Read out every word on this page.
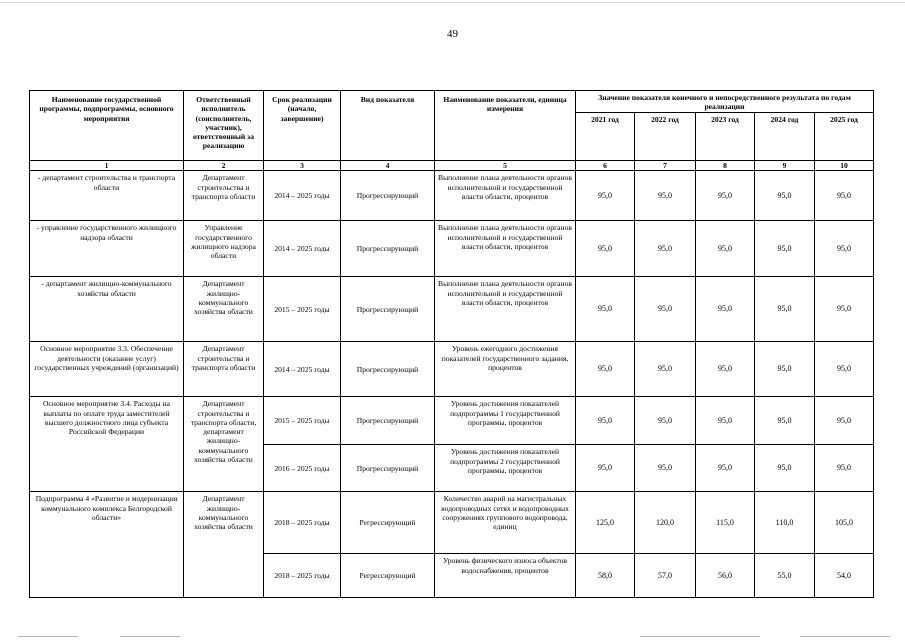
49
Наименование государственной программы, подпрограммы, основного мероприятия	Ответственный исполнитель (соисполнитель, участник), ответственный за реализацию	Срок реализации (начало, завершение)	Вид показателя	Наименование показатели, единица измерения	Значение показателя конечного и непосредственного результата по годам реализации				
					2021 год	2022 год	2023 год	2024 год	2025 год
1	2	3	4	5	6	7	8	9	10
- департамент строительства и транспорта области	Департамент строительства и транспорта области	2014 – 2025 годы	Прогрессирующий	Выполнение плана деятельности органов исполнительной и государственной власти области, процентов	95,0	95,0	95,0	95,0	95,0
- управление государственного жилищного надзора области	Управление государственного жилищного надзора области	2014 – 2025 годы	Прогрессирующий	Выполнение плана деятельности органов исполнительной и государственной власти области, процентов	95,0	95,0	95,0	95,0	95,0
- департамент жилищно-коммунального хозяйства области	Департамент жилищно-коммунального хозяйства области	2015 – 2025 годы	Прогрессирующий	Выполнение плана деятельности органов исполнительной и государственной власти области, процентов	95,0	95,0	95,0	95,0	95,0
Основное мероприятие 3.3. Обеспечение деятельности (оказание услуг) государственных учреждений (организаций)	Департамент строительства и транспорта области	2014 – 2025 годы	Прогрессирующий	Уровень ежегодного достижения показателей государственного задания, процентов	95,0	95,0	95,0	95,0	95,0
Основное мероприятие 3.4. Расходы на выплаты по оплате труда заместителей высшего должностного лица субъекта Российской Федерации	Департамент строительства и транспорта области, департамент жилищно-коммунального хозяйства области	2015 – 2025 годы	Прогрессирующий	Уровень достижения показателей подпрограммы 1 государственной программы, процентов	95,0	95,0	95,0	95,0	95,0
		2016 – 2025 годы	Прогрессирующий	Уровень достижения показателей подпрограммы 2 государственной программы, процентов	95,0	95,0	95,0	95,0	95,0
Подпрограмма 4 «Развитие и модернизация коммунального комплекса Белгородской области»	Департамент жилищно-коммунального хозяйства области	2018 – 2025 годы	Регрессирующий	Количество аварий на магистральных водопроводных сетях и водопроводных сооружениях группового водопровода, единиц	125,0	120,0	115,0	110,0	105,0
		2018 – 2025 годы	Регрессирующий	Уровень физического износа объектов водоснабжения, процентов	58,0	57,0	56,0	55,0	54,0
